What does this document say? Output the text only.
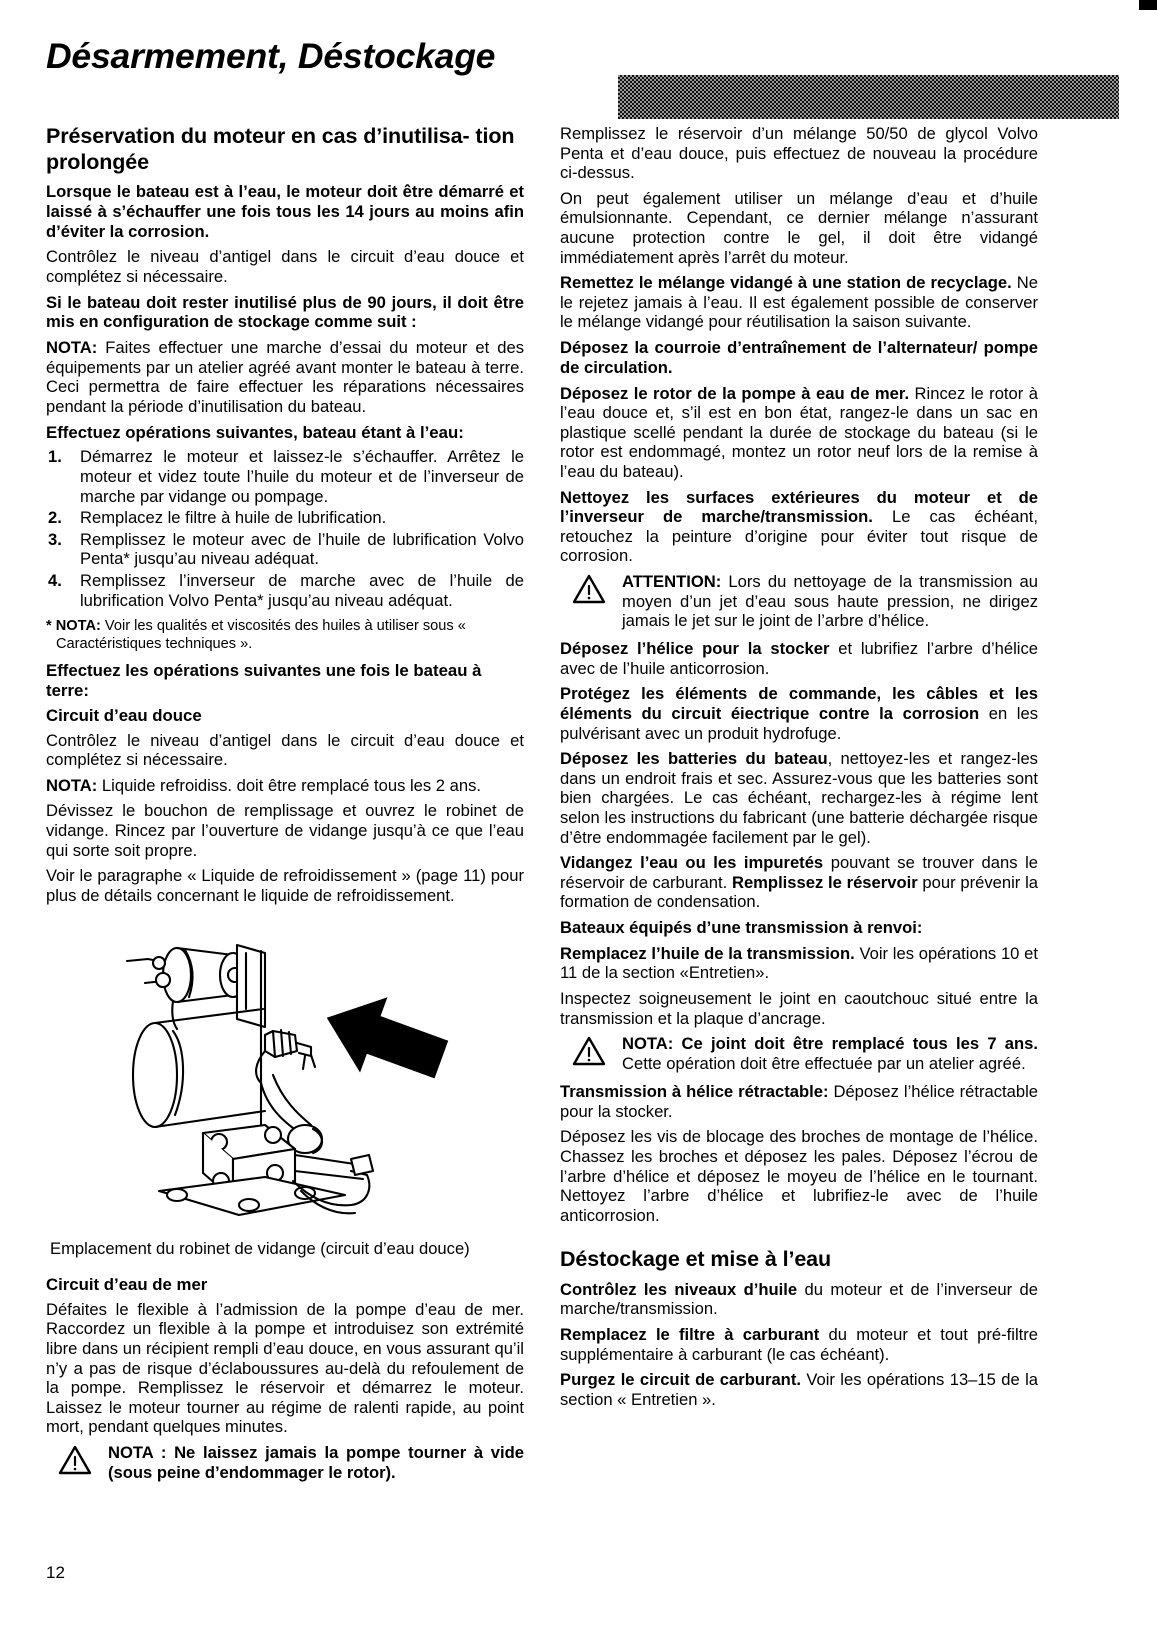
Désarmement, Déstockage
Préservation du moteur en cas d’inutilisa- tion prolongée

Lorsque le bateau est à l’eau, le moteur doit être démarré et laissé à s’échauffer une fois tous les 14 jours au moins afin d’éviter la corrosion.

Contrôlez le niveau d’antigel dans le circuit d’eau douce et complétez si nécessaire.

Si le bateau doit rester inutilisé plus de 90 jours, il doit être mis en configuration de stockage comme suit :

NOTA: Faites effectuer une marche d’essai du moteur et des équipements par un atelier agréé avant monter le bateau à terre. Ceci permettra de faire effectuer les réparations nécessaires pendant la période d’inutilisation du bateau.

Effectuez opérations suivantes, bateau étant à l’eau:
1. Démarrez le moteur et laissez-le s’échauffer. Arrêtez le moteur et videz toute l’huile du moteur et de l’inverseur de marche par vidange ou pompage.
2. Remplacez le filtre à huile de lubrification.
3. Remplissez le moteur avec de l’huile de lubrification Volvo Penta* jusqu’au niveau adéquat.
4. Remplissez l’inverseur de marche avec de l’huile de lubrification Volvo Penta* jusqu’au niveau adéquat.

* NOTA: Voir les qualités et viscosités des huiles à utiliser sous « Caractéristiques techniques ».

Effectuez les opérations suivantes une fois le bateau à terre:
Circuit d’eau douce

Contrôlez le niveau d’antigel dans le circuit d’eau douce et complétez si nécessaire.

NOTA: Liquide refroidiss. doit être remplacé tous les 2 ans.

Dévissez le bouchon de remplissage et ouvrez le robinet de vidange. Rincez par l’ouverture de vidange jusqu’à ce que l’eau qui sorte soit propre.

Voir le paragraphe « Liquide de refroidissement » (page 11) pour plus de détails concernant le liquide de refroidissement.

Emplacement du robinet de vidange (circuit d’eau douce)

Circuit d’eau de mer

Défaites le flexible à l’admission de la pompe d’eau de mer. Raccordez un flexible à la pompe et introduisez son extrémité libre dans un récipient rempli d’eau douce, en vous assurant qu’il n’y a pas de risque d’éclaboussures au-delà du refoulement de la pompe. Remplissez le réservoir et démarrez le moteur. Laissez le moteur tourner au régime de ralenti rapide, au point mort, pendant quelques minutes.

NOTA : Ne laissez jamais la pompe tourner à vide (sous peine d’endommager le rotor).

Remplissez le réservoir d’un mélange 50/50 de glycol Volvo Penta et d’eau douce, puis effectuez de nouveau la procédure ci-dessus.

On peut également utiliser un mélange d’eau et d’huile émulsionnante. Cependant, ce dernier mélange n’assurant aucune protection contre le gel, il doit être vidangé immédiatement après l’arrêt du moteur.

Remettez le mélange vidangé à une station de recyclage. Ne le rejetez jamais à l’eau. Il est également possible de conserver le mélange vidangé pour réutilisation la saison suivante.

Déposez la courroie d’entraînement de l’alternateur/ pompe de circulation.

Déposez le rotor de la pompe à eau de mer. Rincez le rotor à l’eau douce et, s’il est en bon état, rangez-le dans un sac en plastique scellé pendant la durée de stockage du bateau (si le rotor est endommagé, montez un rotor neuf lors de la remise à l’eau du bateau).

Nettoyez les surfaces extérieures du moteur et de l’inverseur de marche/transmission. Le cas échéant, retouchez la peinture d’origine pour éviter tout risque de corrosion.

ATTENTION: Lors du nettoyage de la transmission au moyen d’un jet d’eau sous haute pression, ne dirigez jamais le jet sur le joint de l’arbre d’hélice.

Déposez l’hélice pour la stocker et lubrifiez l’arbre d’hélice avec de l’huile anticorrosion.

Protégez les éléments de commande, les câbles et les éléments du circuit éiectrique contre la corrosion en les pulvérisant avec un produit hydrofuge.

Déposez les batteries du bateau, nettoyez-les et rangez-les dans un endroit frais et sec. Assurez-vous que les batteries sont bien chargées. Le cas échéant, rechargez-les à régime lent selon les instructions du fabricant (une batterie déchargée risque d’être endommagée facilement par le gel).

Vidangez l’eau ou les impuretés pouvant se trouver dans le réservoir de carburant. Remplissez le réservoir pour prévenir la formation de condensation.

Bateaux équipés d’une transmission à renvoi:

Remplacez l’huile de la transmission. Voir les opérations 10 et 11 de la section «Entretien».

Inspectez soigneusement le joint en caoutchouc situé entre la transmission et la plaque d’ancrage.

NOTA: Ce joint doit être remplacé tous les 7 ans. Cette opération doit être effectuée par un atelier agréé.

Transmission à hélice rétractable: Déposez l’hélice rétractable pour la stocker.

Déposez les vis de blocage des broches de montage de l’hélice. Chassez les broches et déposez les pales. Déposez l’écrou de l’arbre d’hélice et déposez le moyeu de l’hélice en le tournant. Nettoyez l’arbre d’hélice et lubrifiez-le avec de l’huile anticorrosion.

Déstockage et mise à l’eau

Contrôlez les niveaux d’huile du moteur et de l’inverseur de marche/transmission.

Remplacez le filtre à carburant du moteur et tout pré-filtre supplémentaire à carburant (le cas échéant).

Purgez le circuit de carburant. Voir les opérations 13–15 de la section « Entretien ».

12
